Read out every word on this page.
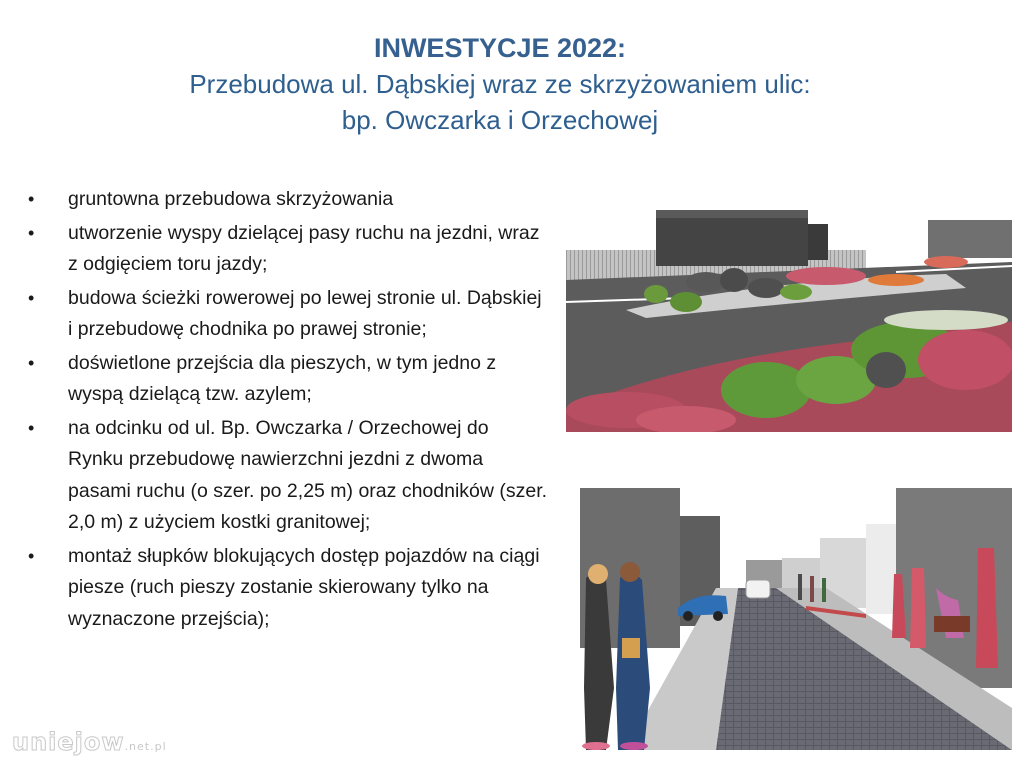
INWESTYCJE 2022:
Przebudowa ul. Dąbskiej wraz ze skrzyżowaniem ulic:
bp. Owczarka i Orzechowej
• gruntowna przebudowa skrzyżowania
• utworzenie wyspy dzielącej pasy ruchu na jezdni, wraz z odgięciem toru jazdy;
• budowa ścieżki rowerowej po lewej stronie ul. Dąbskiej i przebudowę chodnika po prawej stronie;
• doświetlone przejścia dla pieszych, w tym jedno z wyspą dzielącą tzw. azylem;
• na odcinku od ul. Bp. Owczarka / Orzechowej do Rynku przebudowę nawierzchni jezdni z dwoma pasami ruchu (o szer. po 2,25 m) oraz chodników (szer. 2,0 m) z użyciem kostki granitowej;
• montaż słupków blokujących dostęp pojazdów na ciągi piesze (ruch pieszy zostanie skierowany tylko na wyznaczone przejścia);
uniejow.net.pl
